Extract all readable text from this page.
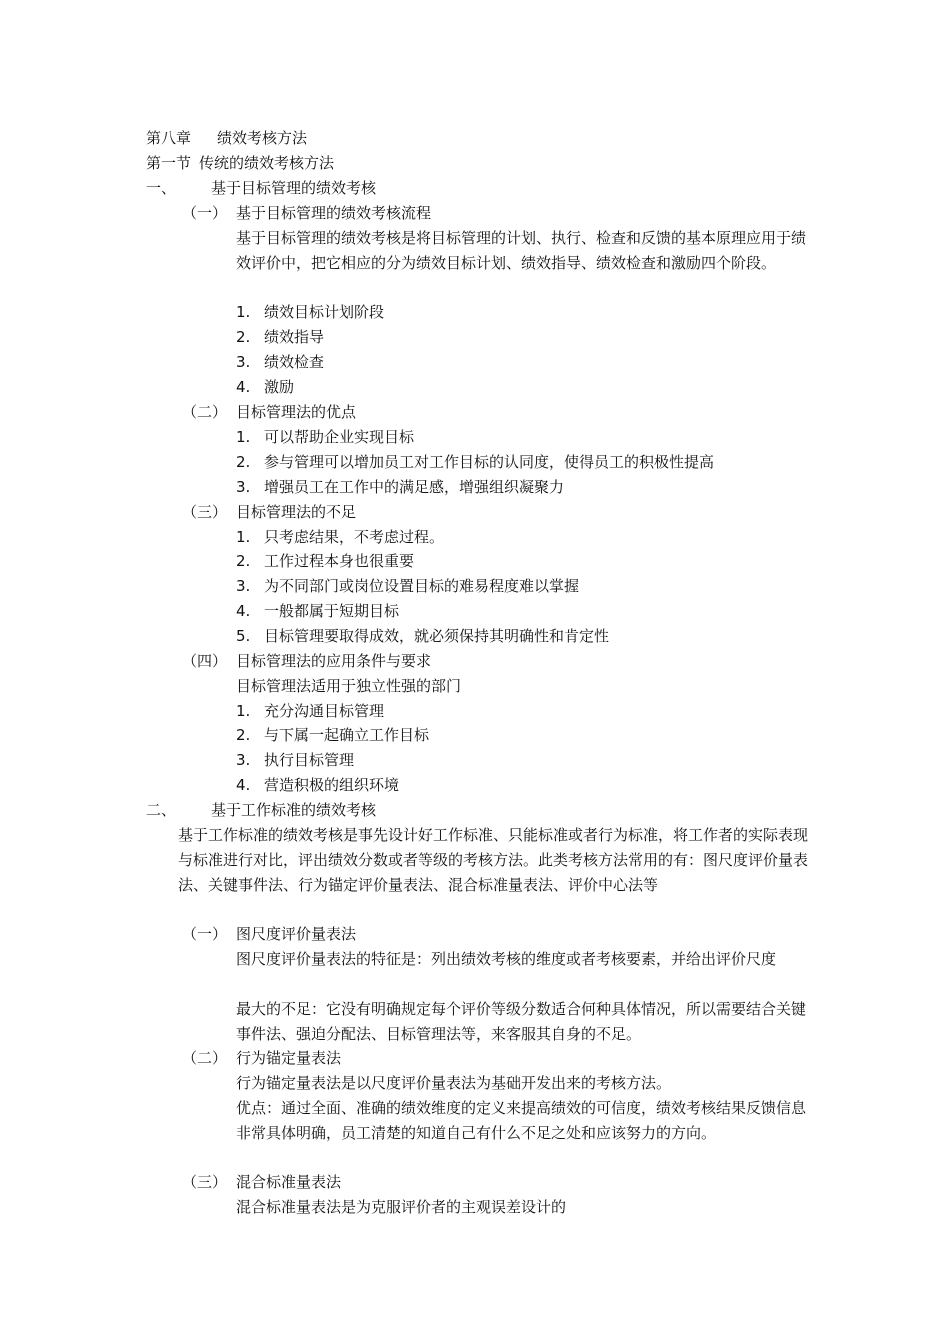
第八章 绩效考核方法
第一节 传统的绩效考核方法
一、 基于目标管理的绩效考核
（一） 基于目标管理的绩效考核流程
基于目标管理的绩效考核是将目标管理的计划、执行、检查和反馈的基本原理应用于绩效评价中，把它相应的分为绩效目标计划、绩效指导、绩效检查和激励四个阶段。
1. 绩效目标计划阶段
2. 绩效指导
3. 绩效检查
4. 激励
（二） 目标管理法的优点
1. 可以帮助企业实现目标
2. 参与管理可以增加员工对工作目标的认同度，使得员工的积极性提高
3. 增强员工在工作中的满足感，增强组织凝聚力
（三） 目标管理法的不足
1. 只考虑结果，不考虑过程。
2. 工作过程本身也很重要
3. 为不同部门或岗位设置目标的难易程度难以掌握
4. 一般都属于短期目标
5. 目标管理要取得成效，就必须保持其明确性和肯定性
（四） 目标管理法的应用条件与要求
目标管理法适用于独立性强的部门
1. 充分沟通目标管理
2. 与下属一起确立工作目标
3. 执行目标管理
4. 营造积极的组织环境
二、 基于工作标准的绩效考核
基于工作标准的绩效考核是事先设计好工作标准、只能标准或者行为标准，将工作者的实际表现与标准进行对比，评出绩效分数或者等级的考核方法。此类考核方法常用的有：图尺度评价量表法、关键事件法、行为锚定评价量表法、混合标准量表法、评价中心法等
（一） 图尺度评价量表法
图尺度评价量表法的特征是：列出绩效考核的维度或者考核要素，并给出评价尺度
最大的不足：它没有明确规定每个评价等级分数适合何种具体情况，所以需要结合关键事件法、强迫分配法、目标管理法等，来客服其自身的不足。
（二） 行为锚定量表法
行为锚定量表法是以尺度评价量表法为基础开发出来的考核方法。
优点：通过全面、准确的绩效维度的定义来提高绩效的可信度，绩效考核结果反馈信息非常具体明确，员工清楚的知道自己有什么不足之处和应该努力的方向。
（三） 混合标准量表法
混合标准量表法是为克服评价者的主观误差设计的
